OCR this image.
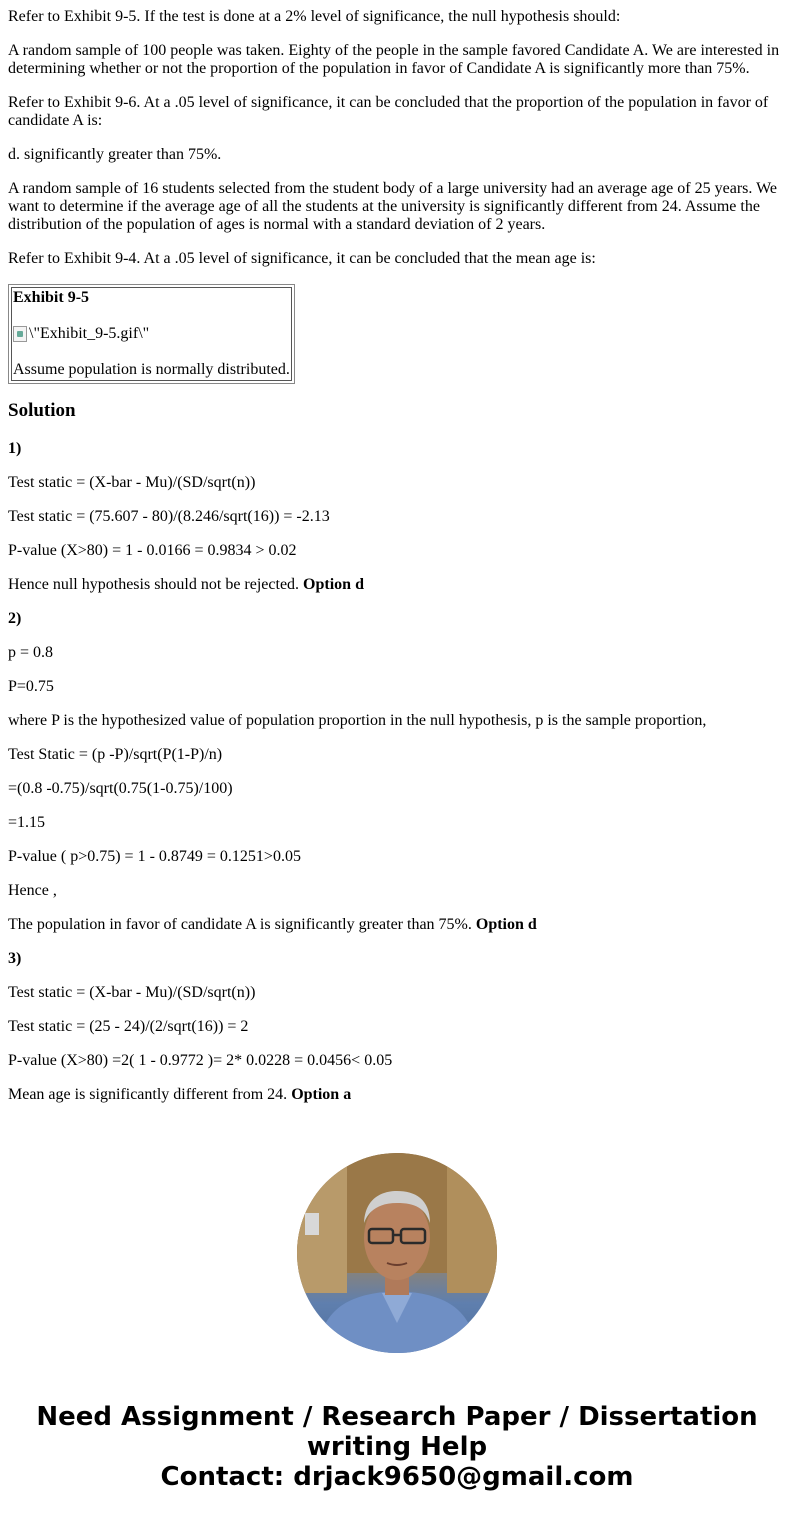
Refer to Exhibit 9-5. If the test is done at a 2% level of significance, the null hypothesis should:

A random sample of 100 people was taken. Eighty of the people in the sample favored Candidate A. We are interested in determining whether or not the proportion of the population in favor of Candidate A is significantly more than 75%.

Refer to Exhibit 9-6. At a .05 level of significance, it can be concluded that the proportion of the population in favor of candidate A is:

d. significantly greater than 75%.

A random sample of 16 students selected from the student body of a large university had an average age of 25 years. We want to determine if the average age of all the students at the university is significantly different from 24. Assume the distribution of the population of ages is normal with a standard deviation of 2 years.

Refer to Exhibit 9-4. At a .05 level of significance, it can be concluded that the mean age is:

Exhibit 9-5

\"Exhibit_9-5.gif\"

Assume population is normally distributed.

Solution

1)

Test static = (X-bar - Mu)/(SD/sqrt(n))

Test static = (75.607 - 80)/(8.246/sqrt(16)) = -2.13

P-value (X>80) = 1 - 0.0166 = 0.9834 > 0.02

Hence null hypothesis should not be rejected. Option d

2)

p = 0.8

P=0.75

where P is the hypothesized value of population proportion in the null hypothesis, p is the sample proportion,

Test Static = (p -P)/sqrt(P(1-P)/n)

=(0.8 -0.75)/sqrt(0.75(1-0.75)/100)

=1.15

P-value ( p>0.75) = 1 - 0.8749 = 0.1251>0.05

Hence ,

The population in favor of candidate A is significantly greater than 75%. Option d

3)

Test static = (X-bar - Mu)/(SD/sqrt(n))

Test static = (25 - 24)/(2/sqrt(16)) = 2

P-value (X>80) =2( 1 - 0.9772 )= 2* 0.0228 = 0.0456< 0.05

Mean age is significantly different from 24. Option a

Need Assignment / Research Paper / Dissertation
writing Help
Contact: drjack9650@gmail.com
